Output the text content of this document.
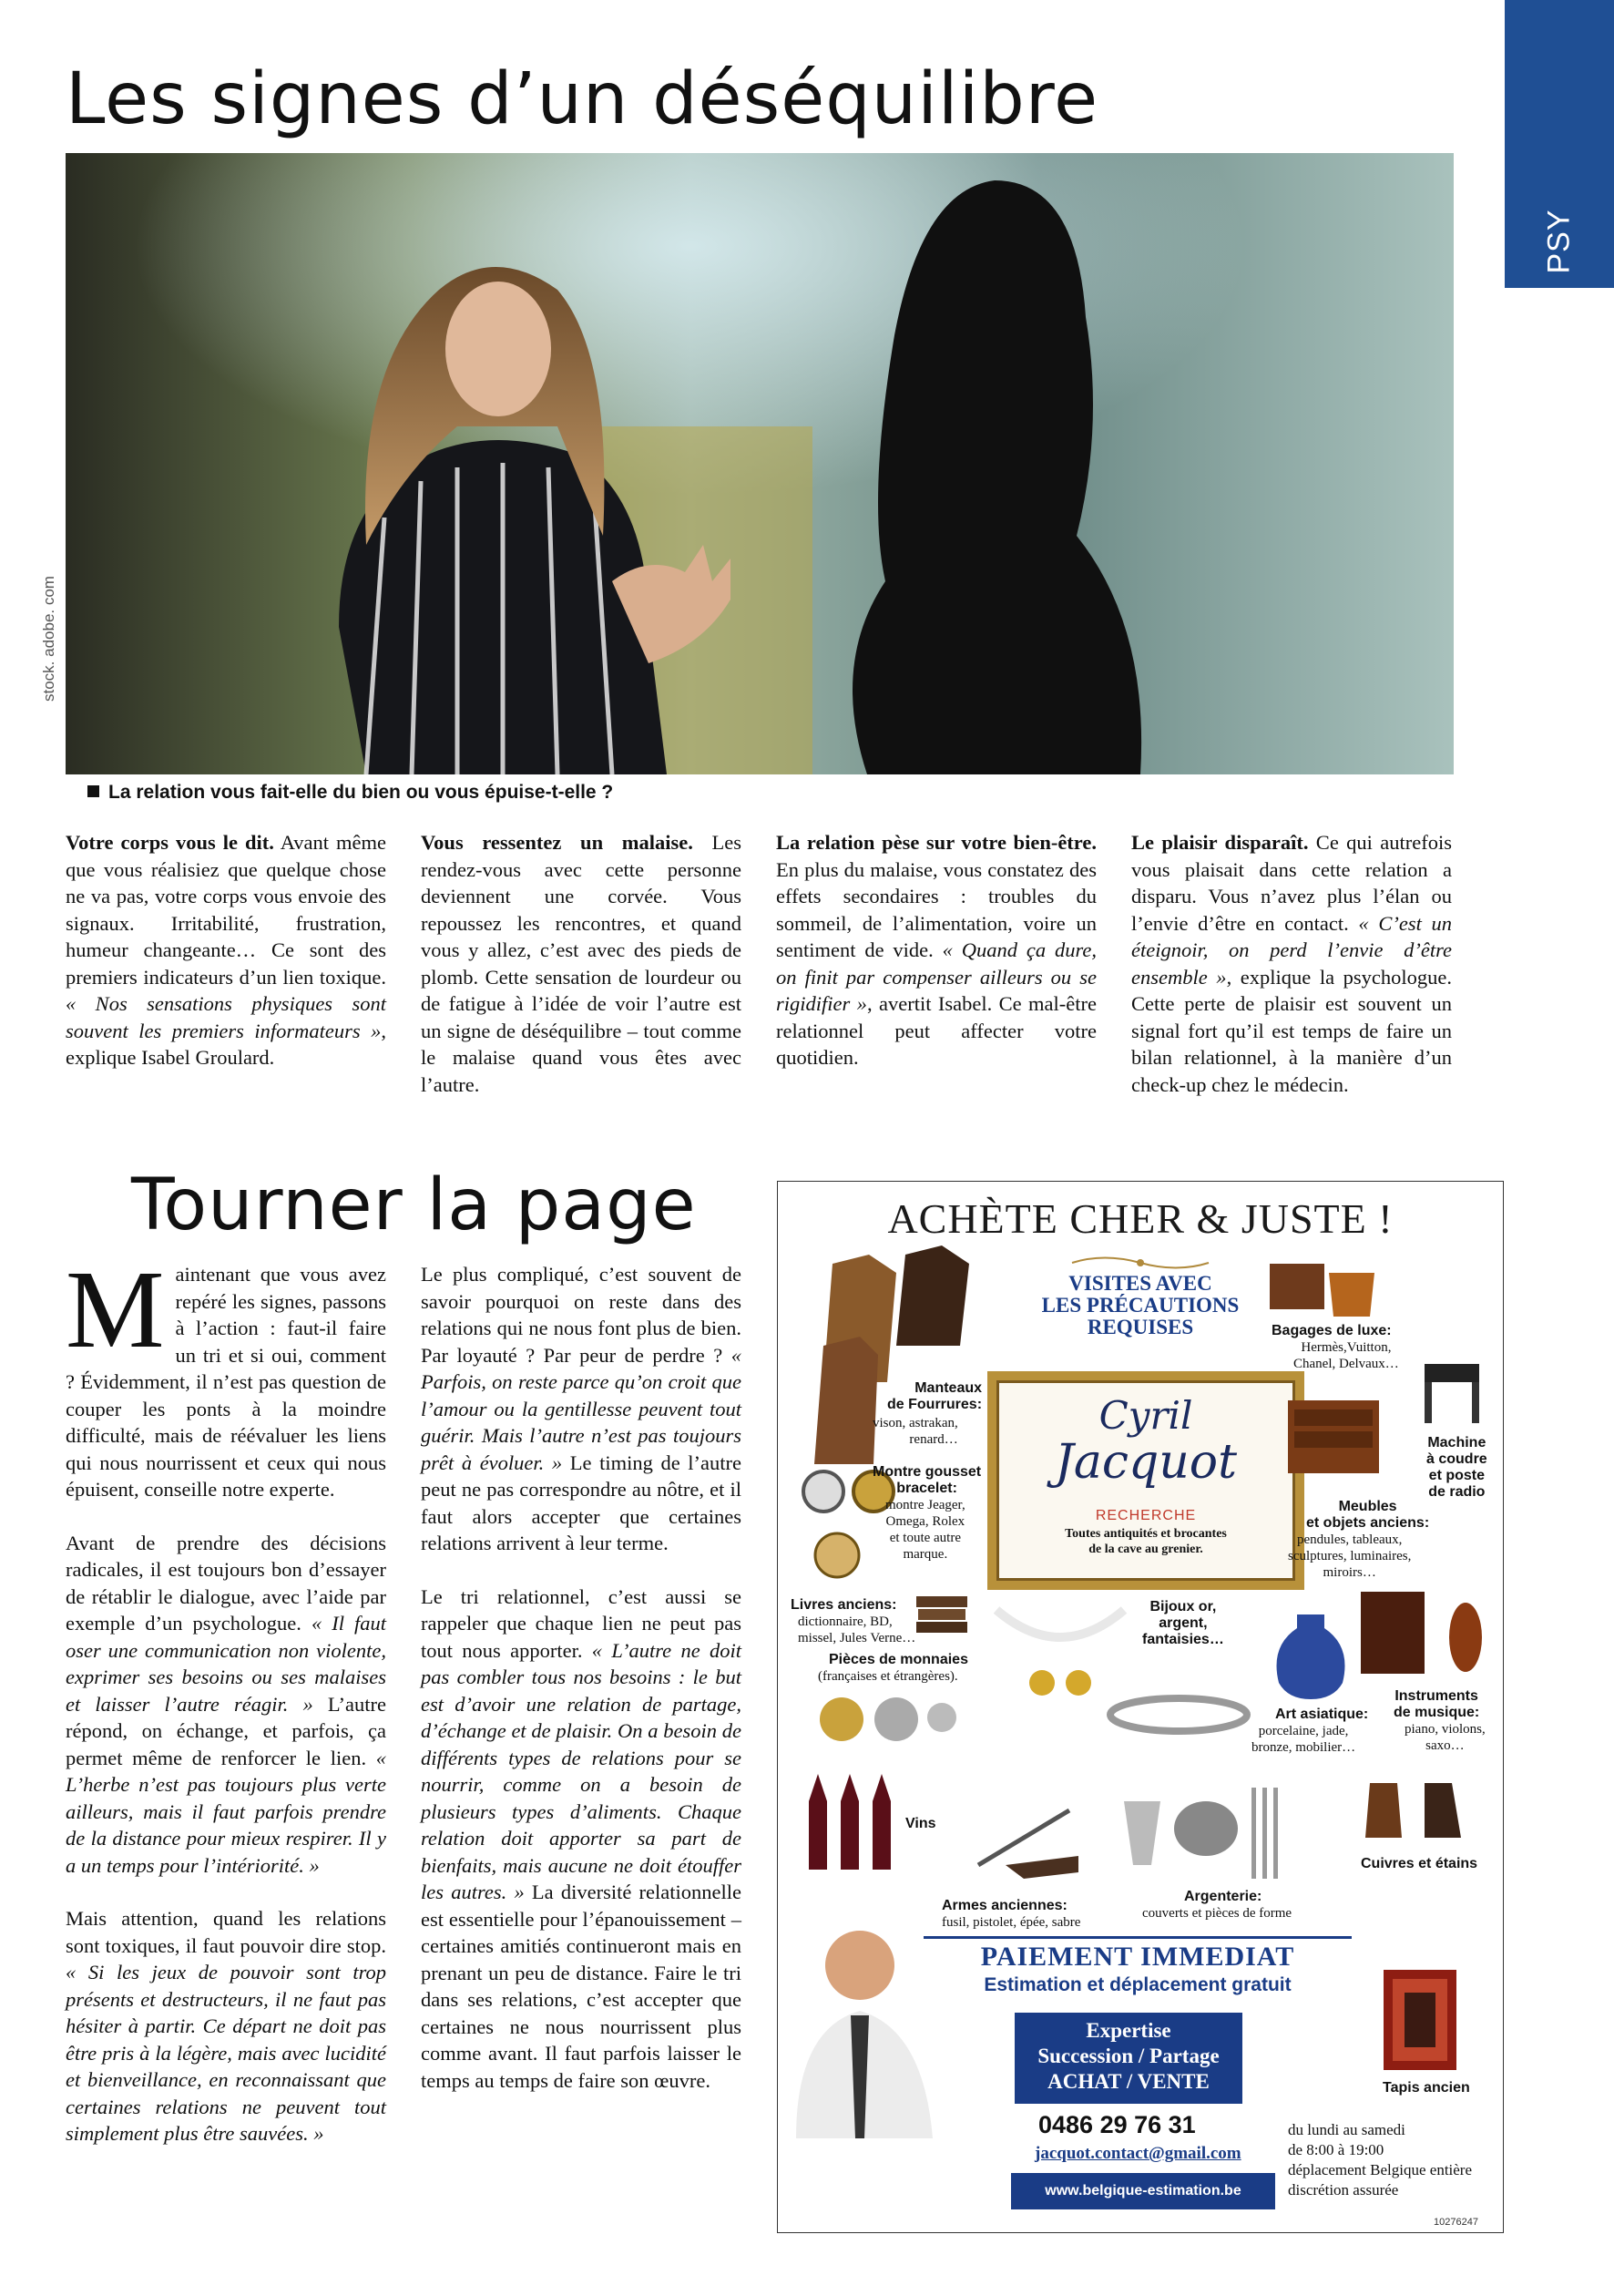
PSY
Les signes d’un déséquilibre
stock. adobe. com
La relation vous fait-elle du bien ou vous épuise-t-elle ?

Votre corps vous le dit. Avant même que vous réalisiez que quelque chose ne va pas, votre corps vous envoie des signaux. Irritabilité, frustration, humeur changeante… Ce sont des premiers indicateurs d’un lien toxique. « Nos sensations physiques sont souvent les premiers informateurs », explique Isabel Groulard.

Vous ressentez un malaise. Les rendez-vous avec cette personne deviennent une corvée. Vous repoussez les rencontres, et quand vous y allez, c’est avec des pieds de plomb. Cette sensation de lourdeur ou de fatigue à l’idée de voir l’autre est un signe de déséquilibre – tout comme le malaise quand vous êtes avec l’autre.

La relation pèse sur votre bien-être. En plus du malaise, vous constatez des effets secondaires : troubles du sommeil, de l’alimentation, voire un sentiment de vide. « Quand ça dure, on finit par compenser ailleurs ou se rigidifier », avertit Isabel. Ce mal-être relationnel peut affecter votre quotidien.

Le plaisir disparaît. Ce qui autrefois vous plaisait dans cette relation a disparu. Vous n’avez plus l’élan ou l’envie d’être en contact. « C’est un éteignoir, on perd l’envie d’être ensemble », explique la psychologue. Cette perte de plaisir est souvent un signal fort qu’il est temps de faire un bilan relationnel, à la manière d’un check-up chez le médecin.

Tourner la page

Maintenant que vous avez repéré les signes, passons à l’action : faut-il faire un tri et si oui, comment ? Évidemment, il n’est pas question de couper les ponts à la moindre difficulté, mais de réévaluer les liens qui nous nourrissent et ceux qui nous épuisent, conseille notre experte.

Avant de prendre des décisions radicales, il est toujours bon d’essayer de rétablir le dialogue, avec l’aide par exemple d’un psychologue. « Il faut oser une communication non violente, exprimer ses besoins ou ses malaises et laisser l’autre réagir. » L’autre répond, on échange, et parfois, ça permet même de renforcer le lien. « L’herbe n’est pas toujours plus verte ailleurs, mais il faut parfois prendre de la distance pour mieux respirer. Il y a un temps pour l’intériorité. »

Mais attention, quand les relations sont toxiques, il faut pouvoir dire stop. « Si les jeux de pouvoir sont trop présents et destructeurs, il ne faut pas hésiter à partir. Ce départ ne doit pas être pris à la légère, mais avec lucidité et bienveillance, en reconnaissant que certaines relations ne peuvent tout simplement plus être sauvées. »

Le plus compliqué, c’est souvent de savoir pourquoi on reste dans des relations qui ne nous font plus de bien. Par loyauté ? Par peur de perdre ? « Parfois, on reste parce qu’on croit que l’amour ou la gentillesse peuvent tout guérir. Mais l’autre n’est pas toujours prêt à évoluer. » Le timing de l’autre peut ne pas correspondre au nôtre, et il faut alors accepter que certaines relations arrivent à leur terme.

Le tri relationnel, c’est aussi se rappeler que chaque lien ne peut pas tout nous apporter. « L’autre ne doit pas combler tous nos besoins : le but est d’avoir une relation de partage, d’échange et de plaisir. On a besoin de différents types de relations pour se nourrir, comme on a besoin de plusieurs types d’aliments. Chaque relation doit apporter sa part de bienfaits, mais aucune ne doit étouffer les autres. » La diversité relationnelle est essentielle pour l’épanouissement – certaines amitiés continueront mais en prenant un peu de distance. Faire le tri dans ses relations, c’est accepter que certaines ne nous nourrissent plus comme avant. Il faut parfois laisser le temps au temps de faire son œuvre.

ACHÈTE CHER & JUSTE !
VISITES AVEC
LES PRÉCAUTIONS
REQUISES
Cyril
Jacquot
RECHERCHE
Toutes antiquités et brocantes
de la cave au grenier.
Manteaux
de Fourrures:
vison, astrakan,
renard…
Montre gousset
bracelet:
montre Jeager,
Omega, Rolex
et toute autre
marque.
Livres anciens:
dictionnaire, BD,
missel, Jules Verne…
Pièces de monnaies
(françaises et étrangères).
Bijoux or,
argent,
fantaisies…
Bagages de luxe:
Hermès,Vuitton,
Chanel, Delvaux…
Machine
à coudre
et poste
de radio
Meubles
et objets anciens:
pendules, tableaux,
sculptures, luminaires,
miroirs…
Art asiatique:
porcelaine, jade,
bronze, mobilier…
Instruments
de musique:
piano, violons,
saxo…
Vins
Armes anciennes:
fusil, pistolet, épée, sabre
Argenterie:
couverts et pièces de forme
Cuivres et étains
PAIEMENT IMMEDIAT
Estimation et déplacement gratuit
Expertise
Succession / Partage
ACHAT / VENTE
0486 29 76 31
jacquot.contact@gmail.com
www.belgique-estimation.be
du lundi au samedi
de 8:00 à 19:00
déplacement Belgique entière
discrétion assurée
Tapis ancien
10276247
